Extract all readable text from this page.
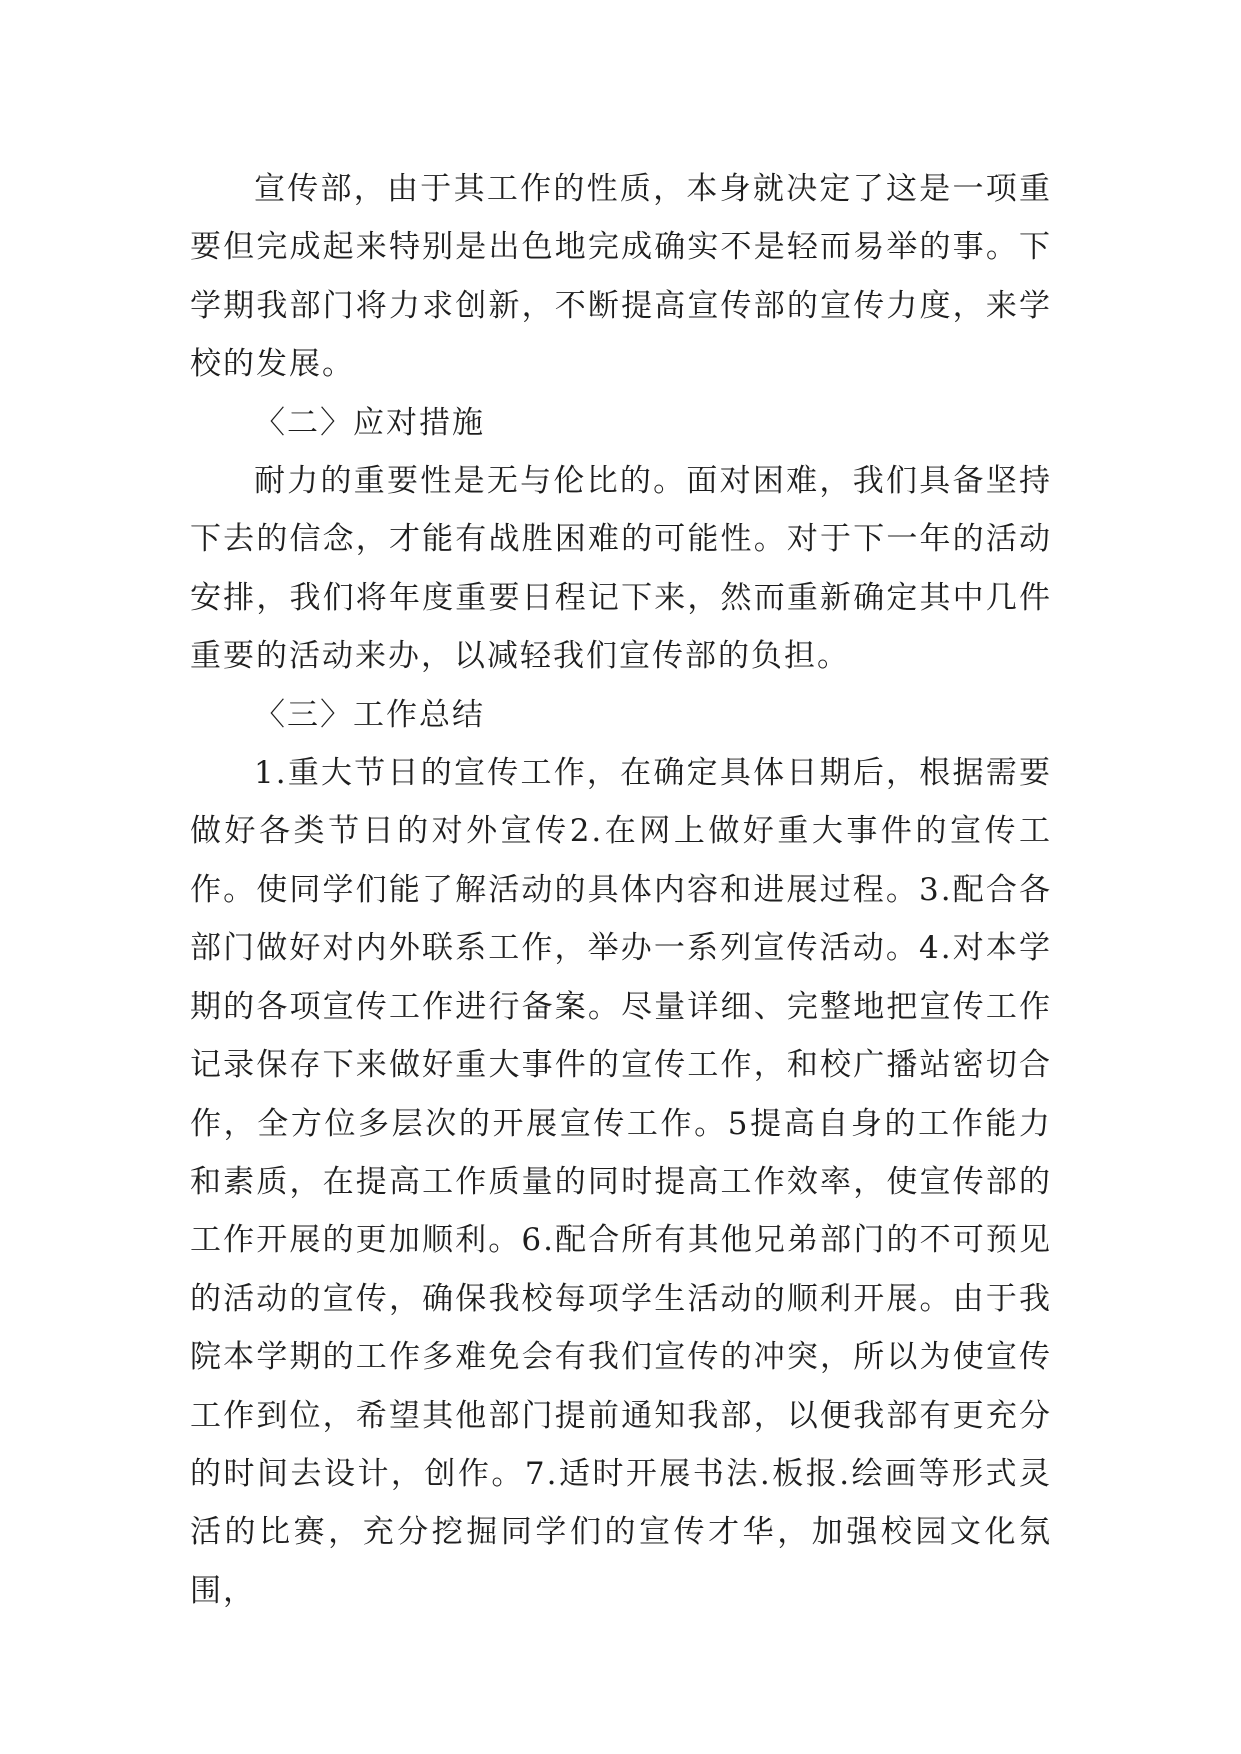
宣传部，由于其工作的性质，本身就决定了这是一项重要但完成起来特别是出色地完成确实不是轻而易举的事。下学期我部门将力求创新，不断提高宣传部的宣传力度，来学校的发展。

〈二〉应对措施

耐力的重要性是无与伦比的。面对困难，我们具备坚持下去的信念，才能有战胜困难的可能性。对于下一年的活动安排，我们将年度重要日程记下来，然而重新确定其中几件重要的活动来办，以减轻我们宣传部的负担。

〈三〉工作总结

1.重大节日的宣传工作，在确定具体日期后，根据需要做好各类节日的对外宣传2.在网上做好重大事件的宣传工作。使同学们能了解活动的具体内容和进展过程。3.配合各部门做好对内外联系工作，举办一系列宣传活动。4.对本学期的各项宣传工作进行备案。尽量详细、完整地把宣传工作记录保存下来做好重大事件的宣传工作，和校广播站密切合作，全方位多层次的开展宣传工作。5提高自身的工作能力和素质，在提高工作质量的同时提高工作效率，使宣传部的工作开展的更加顺利。6.配合所有其他兄弟部门的不可预见的活动的宣传，确保我校每项学生活动的顺利开展。由于我院本学期的工作多难免会有我们宣传的冲突，所以为使宣传工作到位，希望其他部门提前通知我部，以便我部有更充分的时间去设计，创作。7.适时开展书法.板报.绘画等形式灵活的比赛，充分挖掘同学们的宣传才华，加强校园文化氛围，
